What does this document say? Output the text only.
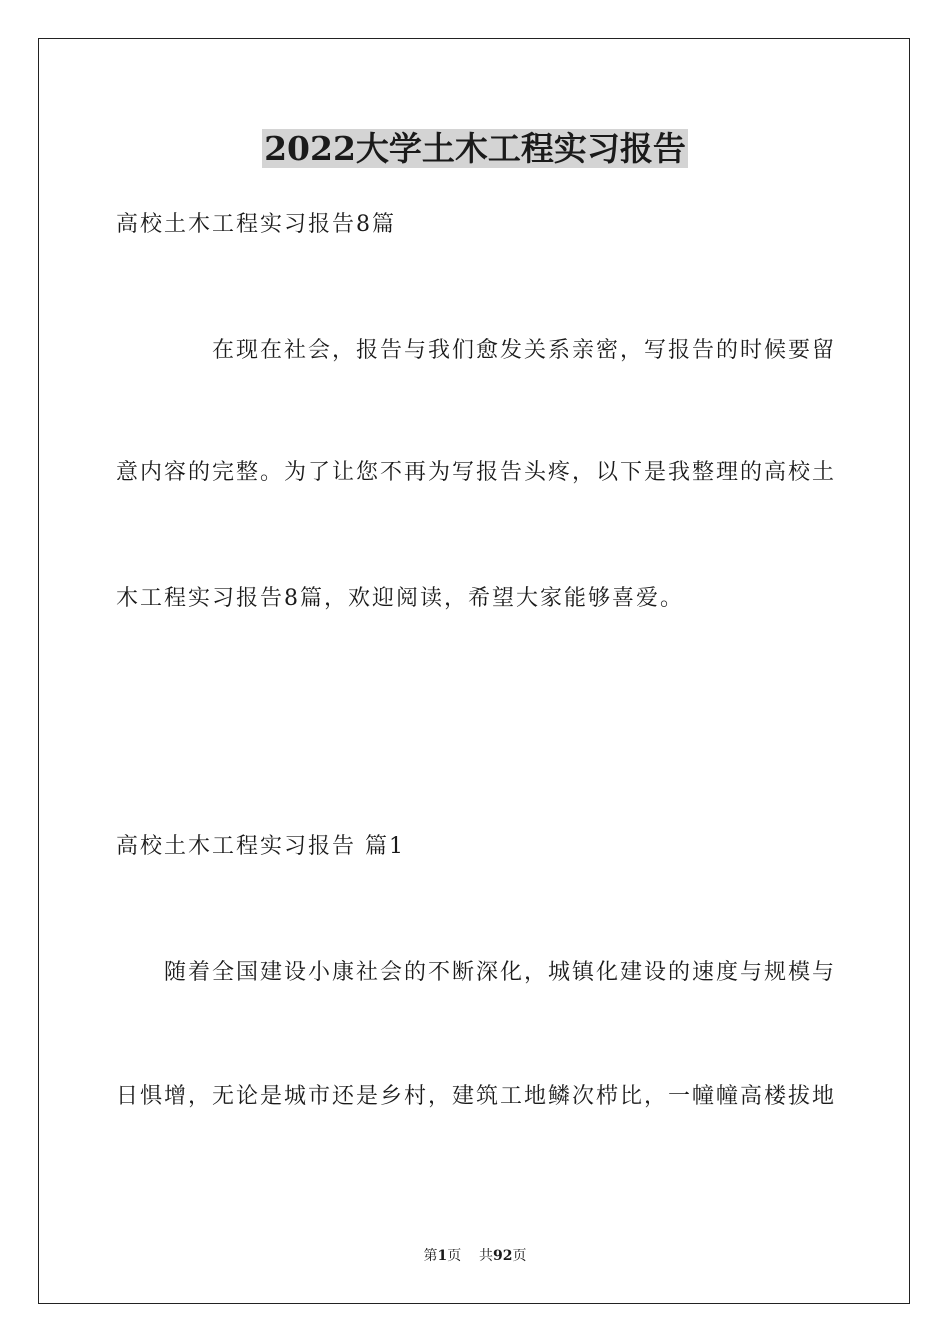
2022大学土木工程实习报告
高校土木工程实习报告8篇
在现在社会，报告与我们愈发关系亲密，写报告的时候要留
意内容的完整。为了让您不再为写报告头疼，以下是我整理的高校土
木工程实习报告8篇，欢迎阅读，希望大家能够喜爱。
高校土木工程实习报告 篇1
随着全国建设小康社会的不断深化，城镇化建设的速度与规模与
日惧增，无论是城市还是乡村，建筑工地鳞次栉比，一幢幢高楼拔地
第1页 共92页
